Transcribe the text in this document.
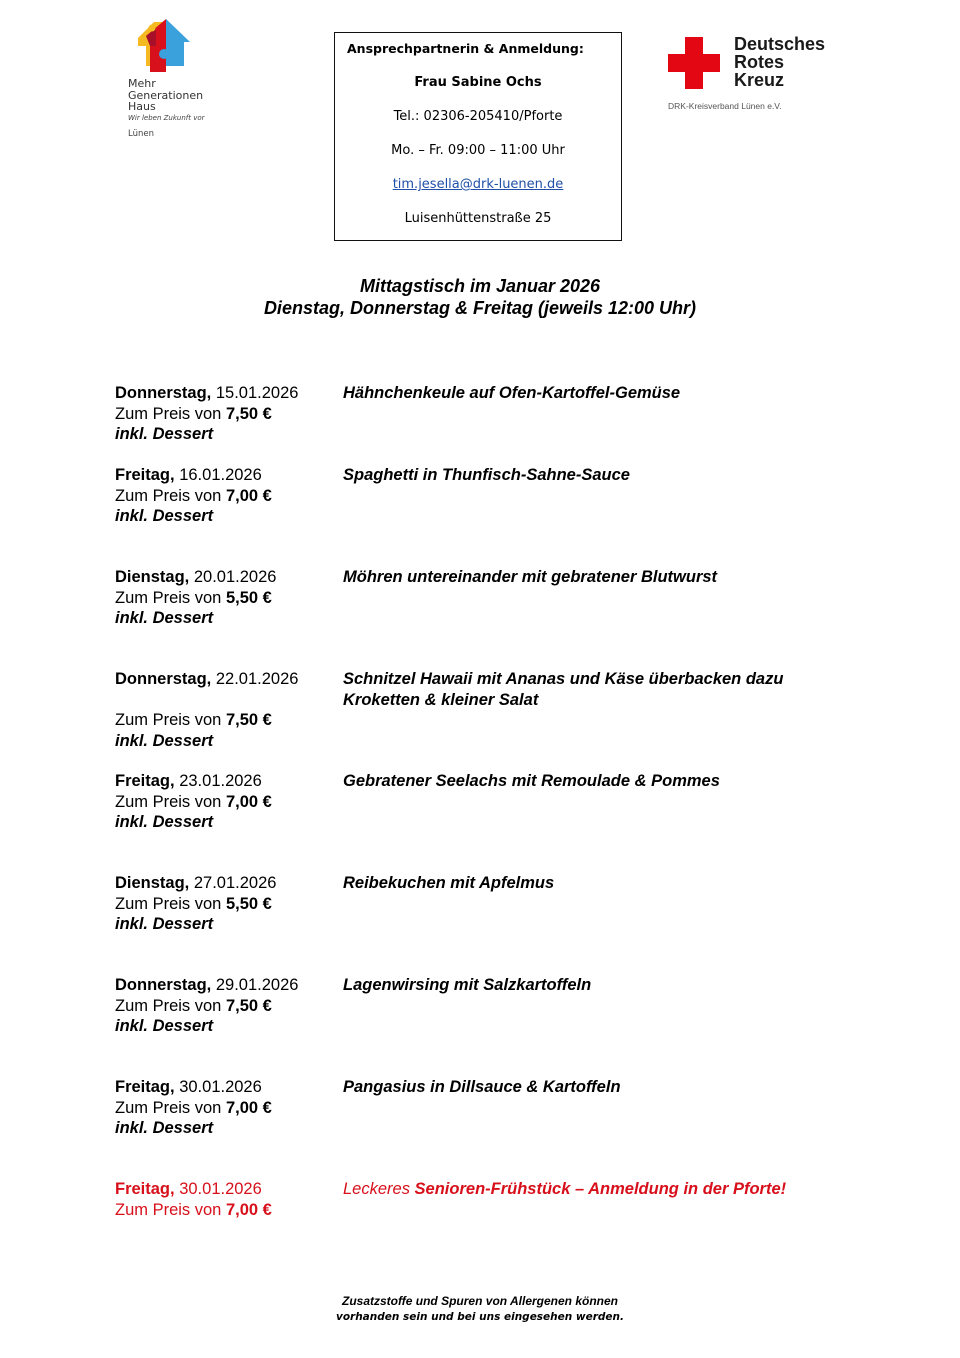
Mehr
Generationen
Haus
Wir leben Zukunft vor
Lünen
Ansprechpartnerin & Anmeldung:
Frau Sabine Ochs
Tel.: 02306-205410/Pforte
Mo. – Fr. 09:00 – 11:00 Uhr
tim.jesella@drk-luenen.de
Luisenhüttenstraße 25
Deutsches
Rotes
Kreuz
DRK-Kreisverband Lünen e.V.
Mittagstisch im Januar 2026
Dienstag, Donnerstag & Freitag (jeweils 12:00 Uhr)
Donnerstag, 15.01.2026
Zum Preis von 7,50 €
inkl. Dessert
Hähnchenkeule auf Ofen-Kartoffel-Gemüse
Freitag, 16.01.2026
Zum Preis von 7,00 €
inkl. Dessert
Spaghetti in Thunfisch-Sahne-Sauce
Dienstag, 20.01.2026
Zum Preis von 5,50 €
inkl. Dessert
Möhren untereinander mit gebratener Blutwurst
Donnerstag, 22.01.2026
Zum Preis von 7,50 €
inkl. Dessert
Schnitzel Hawaii mit Ananas und Käse überbacken dazu Kroketten & kleiner Salat
Freitag, 23.01.2026
Zum Preis von 7,00 €
inkl. Dessert
Gebratener Seelachs mit Remoulade & Pommes
Dienstag, 27.01.2026
Zum Preis von 5,50 €
inkl. Dessert
Reibekuchen mit Apfelmus
Donnerstag, 29.01.2026
Zum Preis von 7,50 €
inkl. Dessert
Lagenwirsing mit Salzkartoffeln
Freitag, 30.01.2026
Zum Preis von 7,00 €
inkl. Dessert
Pangasius in Dillsauce & Kartoffeln
Freitag, 30.01.2026
Zum Preis von 7,00 €
Leckeres Senioren-Frühstück – Anmeldung in der Pforte!
Zusatzstoffe und Spuren von Allergenen können
vorhanden sein und bei uns eingesehen werden.
